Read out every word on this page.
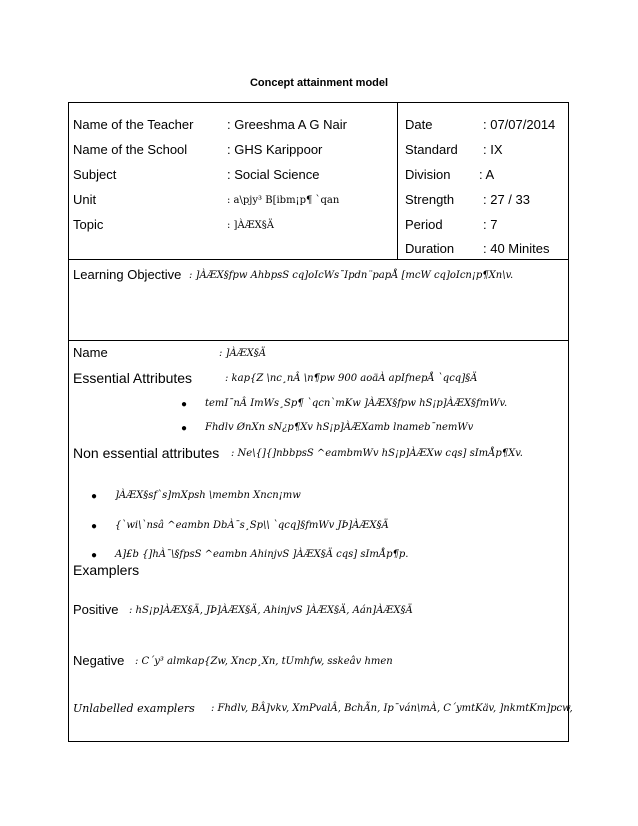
Concept attainment model
Name of the Teacher	: Greeshma A G Nair
Name of the School	: GHS Karippoor
Subject	: Social Science
Unit	: a\pjy³ B[ibm¡p¶ `qan
Topic	: ]ÀÆX§Ä
Date	: 07/07/2014
Standard : IX
Division : A
Strength : 27 / 33
Period	: 7
Duration : 40 Minites
Learning Objective : ]ÀÆX§fpw AhbpsS cq]oIcWs¯Ipdn¨papÅ [mcW cq]oIcn¡p¶Xn\v.
Name	: ]ÀÆX§Ä
Essential Attributes	: kap{Z \nc¸nÂ \n¶pw 900 aoäÀ apIfnepÅ `qcq]§Ä
● temI¯nÂ ImWs¸Sp¶ `qcn`mKw ]ÀÆX§fpw hS¡p]ÀÆX§fmWv.
● Fhdlv ØnXn sN¿p¶Xv hS¡p]ÀÆXamb lnameb¯nemWv
Non essential attributes : Ne\{]{]nbbpsS ^eambmWv hS¡p]ÀÆXw cqs] sImÅp¶Xv.
● ]ÀÆX§sf`s]mXpsh \membn Xncn¡mw
● {`wi\`nsâ ^eambn DbÀ¯s¸Sp\\ `qcq]§fmWv JÞ]ÀÆX§Ä
● A]£b {]hÀ¯\§fpsS ^eambn AhinjvS ]ÀÆX§Ä cqs] sImÅp¶p.
Examplers
Positive : hS¡p]ÀÆX§Ä, JÞ]ÀÆX§Ä, AhinjvS ]ÀÆX§Ä, Aán]ÀÆX§Ä
Negative : C´y³ almkap{Zw, Xncp¸Xn, tUmhfw, sskeâv hmen
Unlabelled examplers : Fhdlv, BÂ]vkv, XmPvalÂ, BchÃn, Ip¯ván\mÀ, C´ymtKäv, ]nkmtKm]pcw,
